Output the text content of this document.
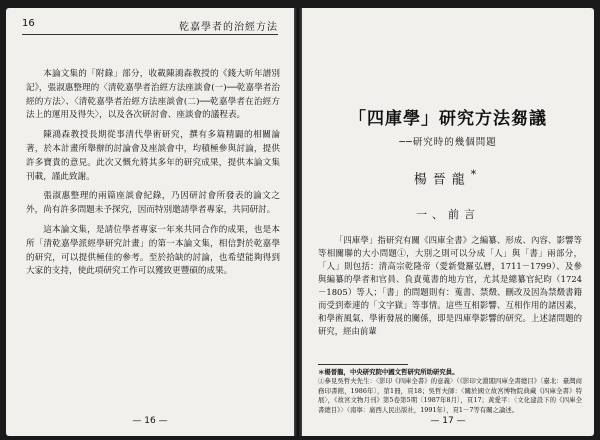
16	乾嘉學者的治經方法

本論文集的「附錄」部分，收載陳鴻森教授的《錢大昕年譜別記》，張淑惠整理的〈清乾嘉學者治經方法座談會(一)──乾嘉學者治經的方法〉、〈清乾嘉學者治經方法座談會(二)──乾嘉學者在治經方法上的運用及得失〉，以及各次研討會、座談會的議程表。

陳鴻森教授長期從事清代學術研究，撰有多篇精闢的相關論著，於本計畫所舉辦的討論會及座談會中，均積極參與討論，提供許多寶貴的意見。此次又慨允將其多年的研究成果，提供本論文集刊載，謹此致謝。

張淑惠整理的兩篇座談會紀錄，乃因研討會所發表的論文之外，尚有許多問題未予探究，因而特別邀請學者專家，共同研討。

這本論文集，是請位學者專家一年來共同合作的成果，也是本所「清乾嘉學派經學研究計畫」的第一本論文集，相信對於乾嘉學的研究，可以提供極佳的參考。至於拾缺的討論，也希望能夠得到大家的支持，使此項研究工作可以獲致更豐碩的成果。

— 16 —
「四庫學」研究方法芻議
──研究時的幾個問題
楊晉龍*
一、前言

「四庫學」指研究有關《四庫全書》之編纂、形成、內容、影響等等相關聯的大小問題①，大別之則可以分成「人」與「書」兩部分，「人」則包括：清高宗乾隆帝（愛新覺羅弘曆，1711－1799）、及參與編纂的學者和官員、負責蒐書的地方官，尤其是總纂官紀昀（1724－1805）等人；「書」的問題則有：蒐書、禁燬、刪改及因為禁燬書籍而受到牽連的「文字獄」等事情。這些互相影響、互相作用的諸因素，和學術風氣、學術發展的關係，即是四庫學影響的研究。上述諸問題的研究，經由前輩

＊楊晉龍，中央研究院中國文哲研究所助研究員。

①參見吳哲夫先生：〈影印《四庫全書》的意義〉（《影印文淵閣四庫全書總目》〔臺北：臺灣商務印書館，1986年〕，第1冊，頁18；吳哲夫師：〈關於國立故宮博物院典藏《四庫全書》特展〉，《故宮文物月刊》第5卷第5期〔1987年8月〕，頁17；黃愛平：〈文化建設下的《四庫全書總目》〉（南寧：廣西人民出版社，1991年），頁1－7等有關之論述。

— 17 —
